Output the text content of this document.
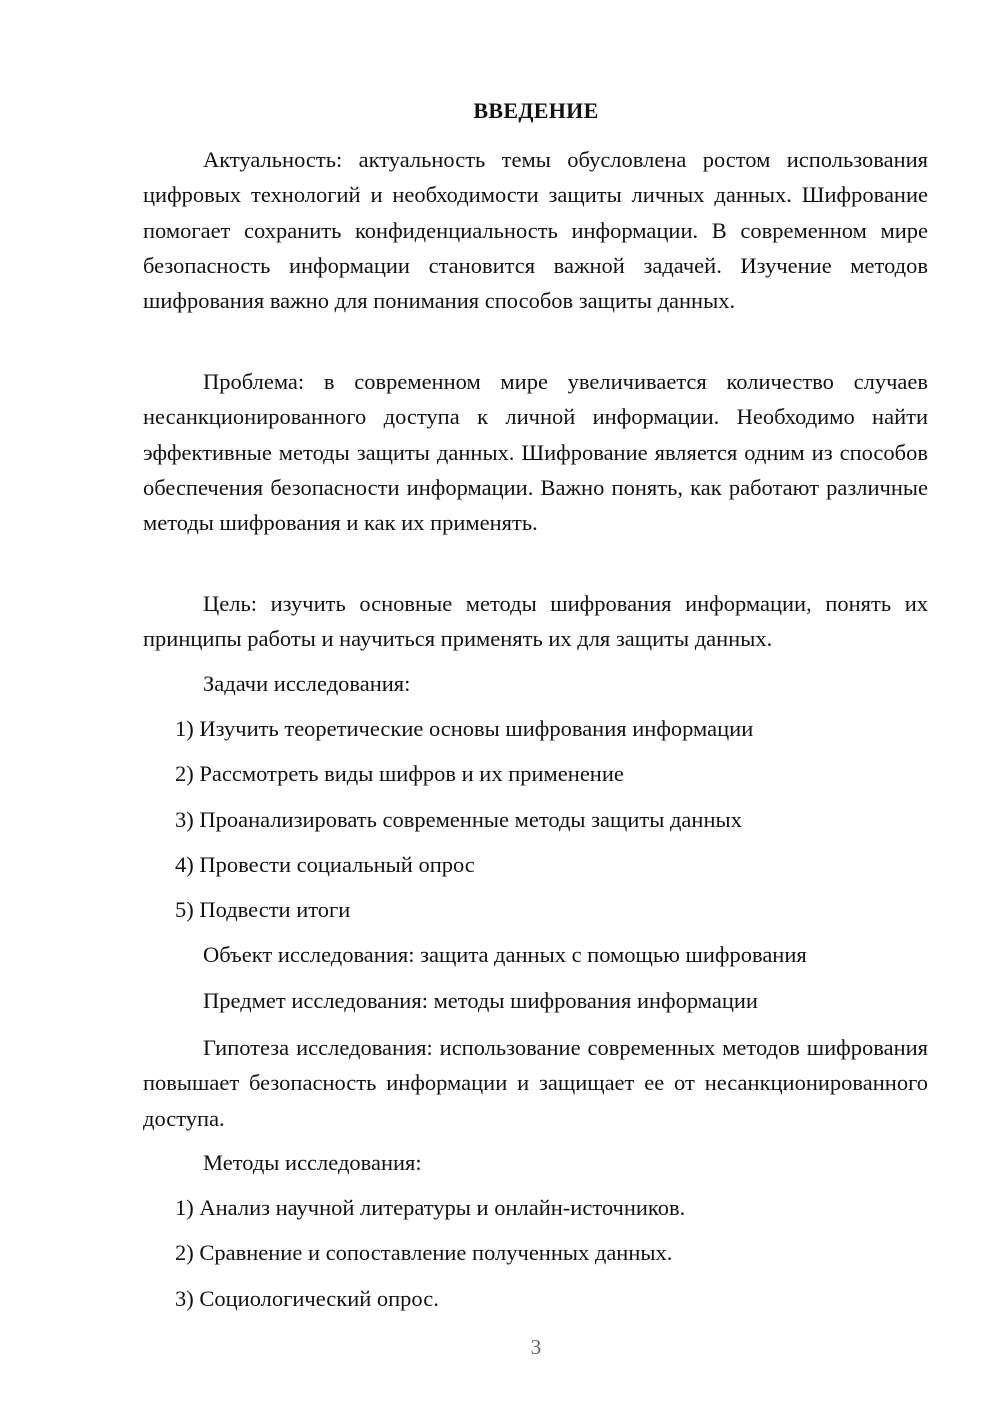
ВВЕДЕНИЕ

Актуальность: актуальность темы обусловлена ростом использования цифровых технологий и необходимости защиты личных данных. Шифрование помогает сохранить конфиденциальность информации. В современном мире безопасность информации становится важной задачей. Изучение методов шифрования важно для понимания способов защиты данных.

Проблема: в современном мире увеличивается количество случаев несанкционированного доступа к личной информации. Необходимо найти эффективные методы защиты данных. Шифрование является одним из способов обеспечения безопасности информации. Важно понять, как работают различные методы шифрования и как их применять.

Цель: изучить основные методы шифрования информации, понять их принципы работы и научиться применять их для защиты данных.

Задачи исследования:
1) Изучить теоретические основы шифрования информации
2) Рассмотреть виды шифров и их применение
3) Проанализировать современные методы защиты данных
4) Провести социальный опрос
5) Подвести итоги
Объект исследования: защита данных с помощью шифрования
Предмет исследования: методы шифрования информации

Гипотеза исследования: использование современных методов шифрования повышает безопасность информации и защищает ее от несанкционированного доступа.

Методы исследования:
1) Анализ научной литературы и онлайн-источников.
2) Сравнение и сопоставление полученных данных.
3) Социологический опрос.
3
